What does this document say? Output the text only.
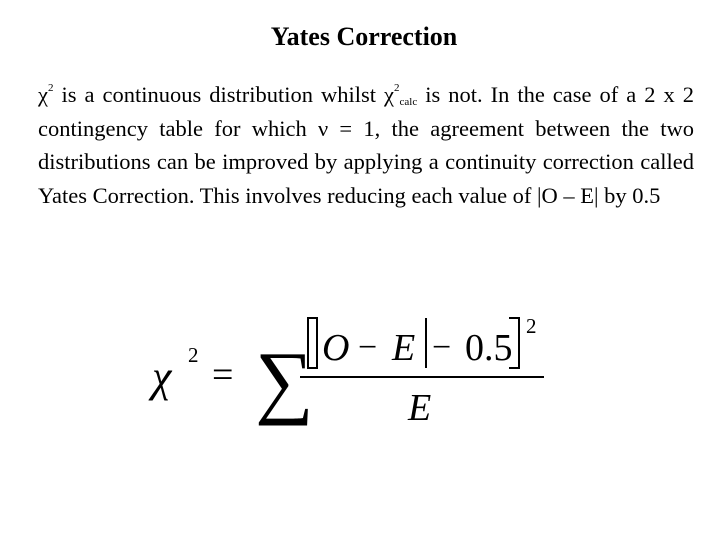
Yates Correction
$\chi^2$ is a continuous distribution whilst $\chi^2_{calc}$ is not. In the case of a 2 x 2 contingency table for which ν = 1, the agreement between the two distributions can be improved by applying a continuity correction called Yates Correction. This involves reducing each value of |O – E| by 0.5
χ 2 = ∑ O − E − 0.5
2
E
